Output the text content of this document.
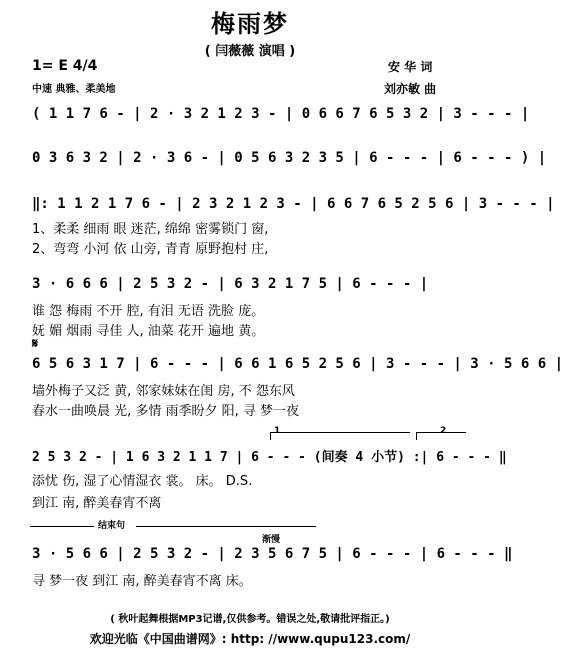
梅雨梦
( 闫薇薇 演唱 )
1= E 4/4
中速 典雅、柔美地
安 华 词
刘亦敏 曲
( 1 1 7 6 - | 2 · 3 2 1 2 3 - | 0 6 6 7 6 5 3 2 | 3 - - - |
0 3 6 3 2 | 2 · 3 6 - | 0 5 6 3 2 3 5 | 6 - - - | 6 - - - ) |
‖: 1 1 2 1 7 6 - | 2 3 2 1 2 3 - | 6 6 7 6 5 2 5 6 | 3 - - - |
1、柔柔 细雨 眼 迷茫, 绵绵 密雾锁门 窗,
2、弯弯 小河 依 山旁, 青青 原野抱村 庄,
3 · 6 6 6 | 2 5 3 2 - | 6 3 2 1 7 5 | 6 - - - |
谁 怨 梅雨 不开 腔, 有泪 无语 洗脸 庞。
妩 媚 烟雨 寻佳 人, 油菜 花开 遍地 黄。
𝄋
6 5 6 3 1 7 | 6 - - - | 6 6 1 6 5 2 5 6 | 3 - - - | 3 · 5 6 6 |
墙外梅子又泛 黄, 邻家妹妹在闺 房, 不 怨东风
春水一曲唤晨 光, 多情 雨季盼夕 阳, 寻 梦一夜
1	2
2 5 3 2 - | 1 6 3 2 1 1 7 | 6 - - - (间奏 4 小节) :| 6 - - - ‖
添忧 伤, 湿了心情湿衣 裳。 床。 D.S.
到江 南, 醉美春宵不离
结束句
渐慢
3 · 5 6 6 | 2 5 3 2 - | 2 3 5 6 7 5 | 6 - - - | 6 - - - ‖
寻 梦一夜 到江 南, 醉美春宵不离 床。
( 秋叶起舞根据MP3记谱,仅供参考。错误之处,敬请批评指正。)
欢迎光临《中国曲谱网》: http: //www.qupu123.com/
